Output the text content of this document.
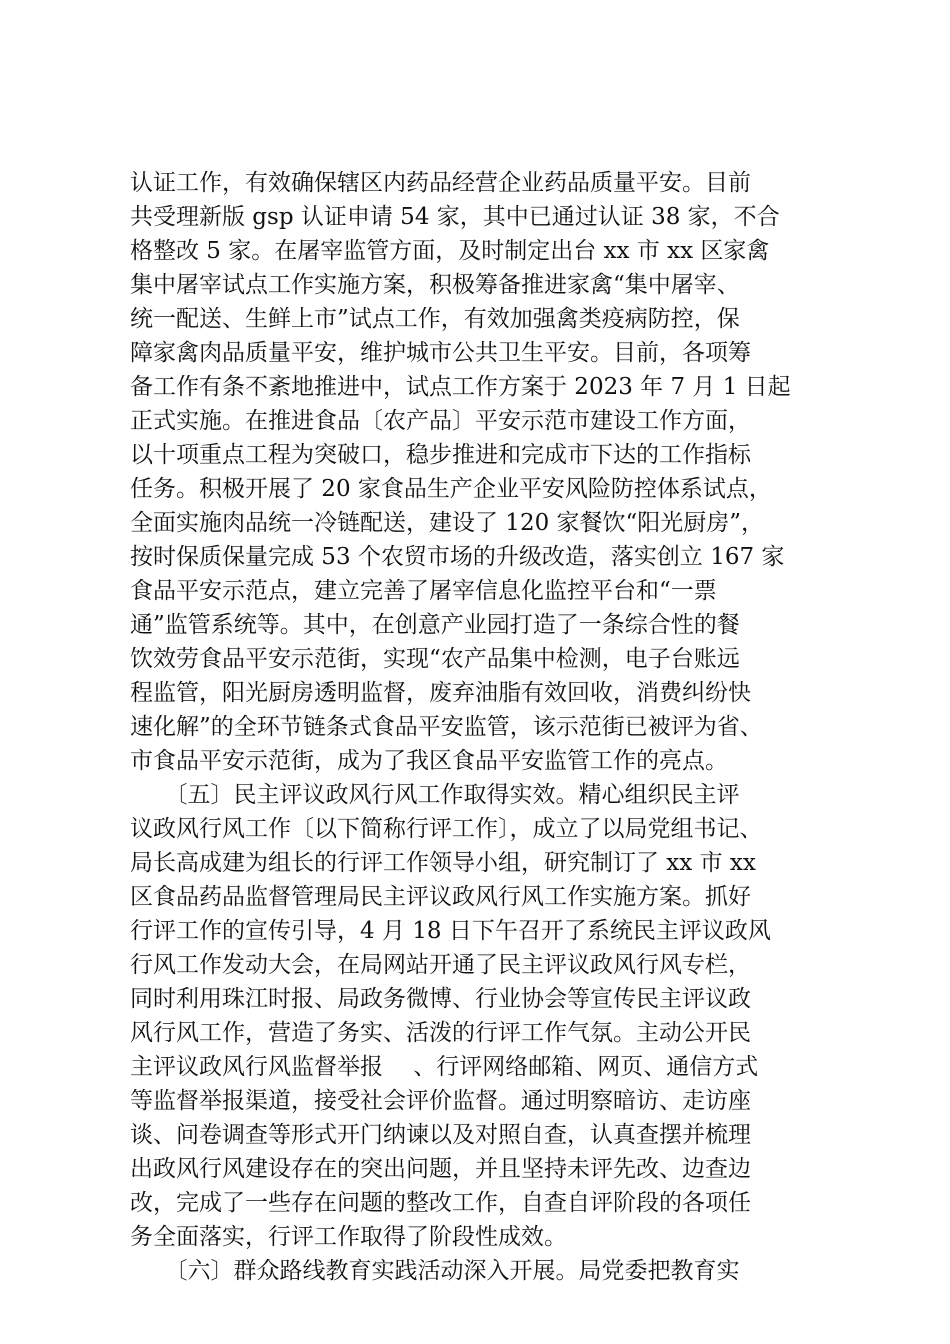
认证工作，有效确保辖区内药品经营企业药品质量平安。目前
共受理新版 gsp 认证申请 54 家，其中已通过认证 38 家，不合
格整改 5 家。在屠宰监管方面，及时制定出台 xx 市 xx 区家禽
集中屠宰试点工作实施方案，积极筹备推进家禽“集中屠宰、
统一配送、生鲜上市”试点工作，有效加强禽类疫病防控，保
障家禽肉品质量平安，维护城市公共卫生平安。目前，各项筹
备工作有条不紊地推进中，试点工作方案于 2023 年 7 月 1 日起
正式实施。在推进食品〔农产品〕平安示范市建设工作方面，
以十项重点工程为突破口，稳步推进和完成市下达的工作指标
任务。积极开展了 20 家食品生产企业平安风险防控体系试点，
全面实施肉品统一冷链配送，建设了 120 家餐饮“阳光厨房”，
按时保质保量完成 53 个农贸市场的升级改造，落实创立 167 家
食品平安示范点，建立完善了屠宰信息化监控平台和“一票
通”监管系统等。其中，在创意产业园打造了一条综合性的餐
饮效劳食品平安示范街，实现“农产品集中检测，电子台账远
程监管，阳光厨房透明监督，废弃油脂有效回收，消费纠纷快
速化解”的全环节链条式食品平安监管，该示范街已被评为省、
市食品平安示范街，成为了我区食品平安监管工作的亮点。
　　〔五〕民主评议政风行风工作取得实效。精心组织民主评
议政风行风工作〔以下简称行评工作〕，成立了以局党组书记、
局长高成建为组长的行评工作领导小组，研究制订了 xx 市 xx
区食品药品监督管理局民主评议政风行风工作实施方案。抓好
行评工作的宣传引导，4 月 18 日下午召开了系统民主评议政风
行风工作发动大会，在局网站开通了民主评议政风行风专栏，
同时利用珠江时报、局政务微博、行业协会等宣传民主评议政
风行风工作，营造了务实、活泼的行评工作气氛。主动公开民
主评议政风行风监督举报　 、行评网络邮箱、网页、通信方式
等监督举报渠道，接受社会评价监督。通过明察暗访、走访座
谈、问卷调查等形式开门纳谏以及对照自查，认真查摆并梳理
出政风行风建设存在的突出问题，并且坚持未评先改、边查边
改，完成了一些存在问题的整改工作，自查自评阶段的各项任
务全面落实，行评工作取得了阶段性成效。
　　〔六〕群众路线教育实践活动深入开展。局党委把教育实
